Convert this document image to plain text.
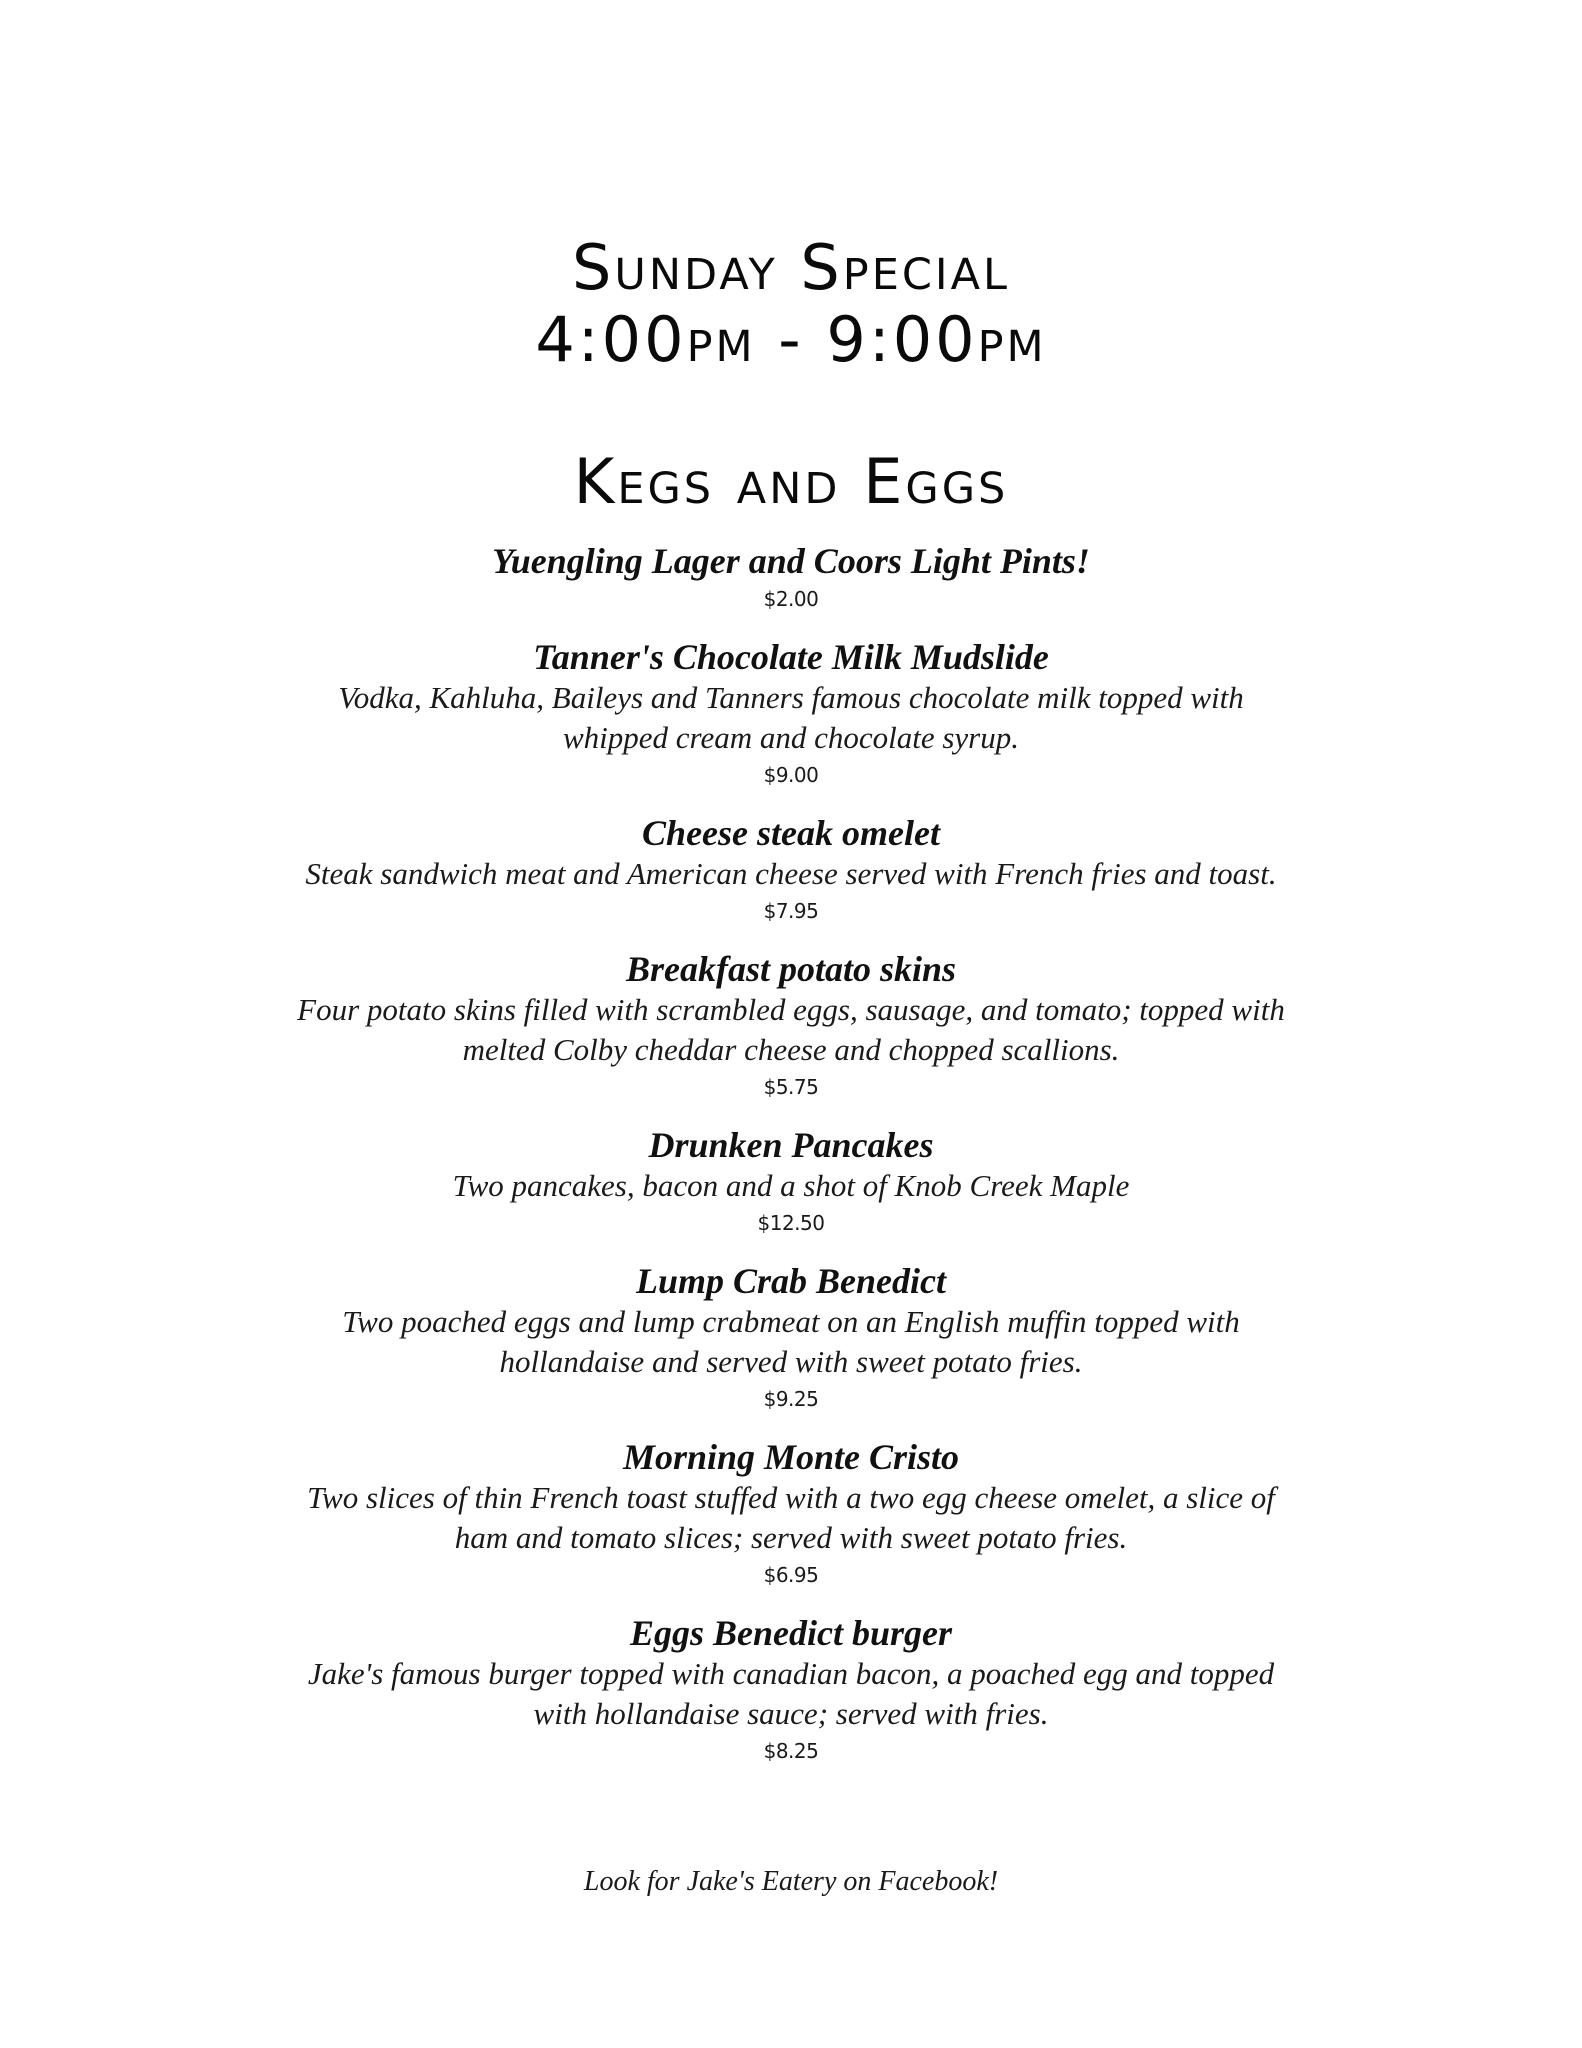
Sunday Special
4:00pm - 9:00pm
Kegs and Eggs
Yuengling Lager and Coors Light Pints!
$2.00
Tanner's Chocolate Milk Mudslide
Vodka, Kahluha, Baileys and Tanners famous chocolate milk topped with whipped cream and chocolate syrup.
$9.00
Cheese steak omelet
Steak sandwich meat and American cheese served with French fries and toast.
$7.95
Breakfast potato skins
Four potato skins filled with scrambled eggs, sausage, and tomato; topped with melted Colby cheddar cheese and chopped scallions.
$5.75
Drunken Pancakes
Two pancakes, bacon and a shot of Knob Creek Maple
$12.50
Lump Crab Benedict
Two poached eggs and lump crabmeat on an English muffin topped with hollandaise and served with sweet potato fries.
$9.25
Morning Monte Cristo
Two slices of thin French toast stuffed with a two egg cheese omelet, a slice of ham and tomato slices; served with sweet potato fries.
$6.95
Eggs Benedict burger
Jake's famous burger topped with canadian bacon, a poached egg and topped with hollandaise sauce; served with fries.
$8.25
Look for Jake's Eatery on Facebook!
